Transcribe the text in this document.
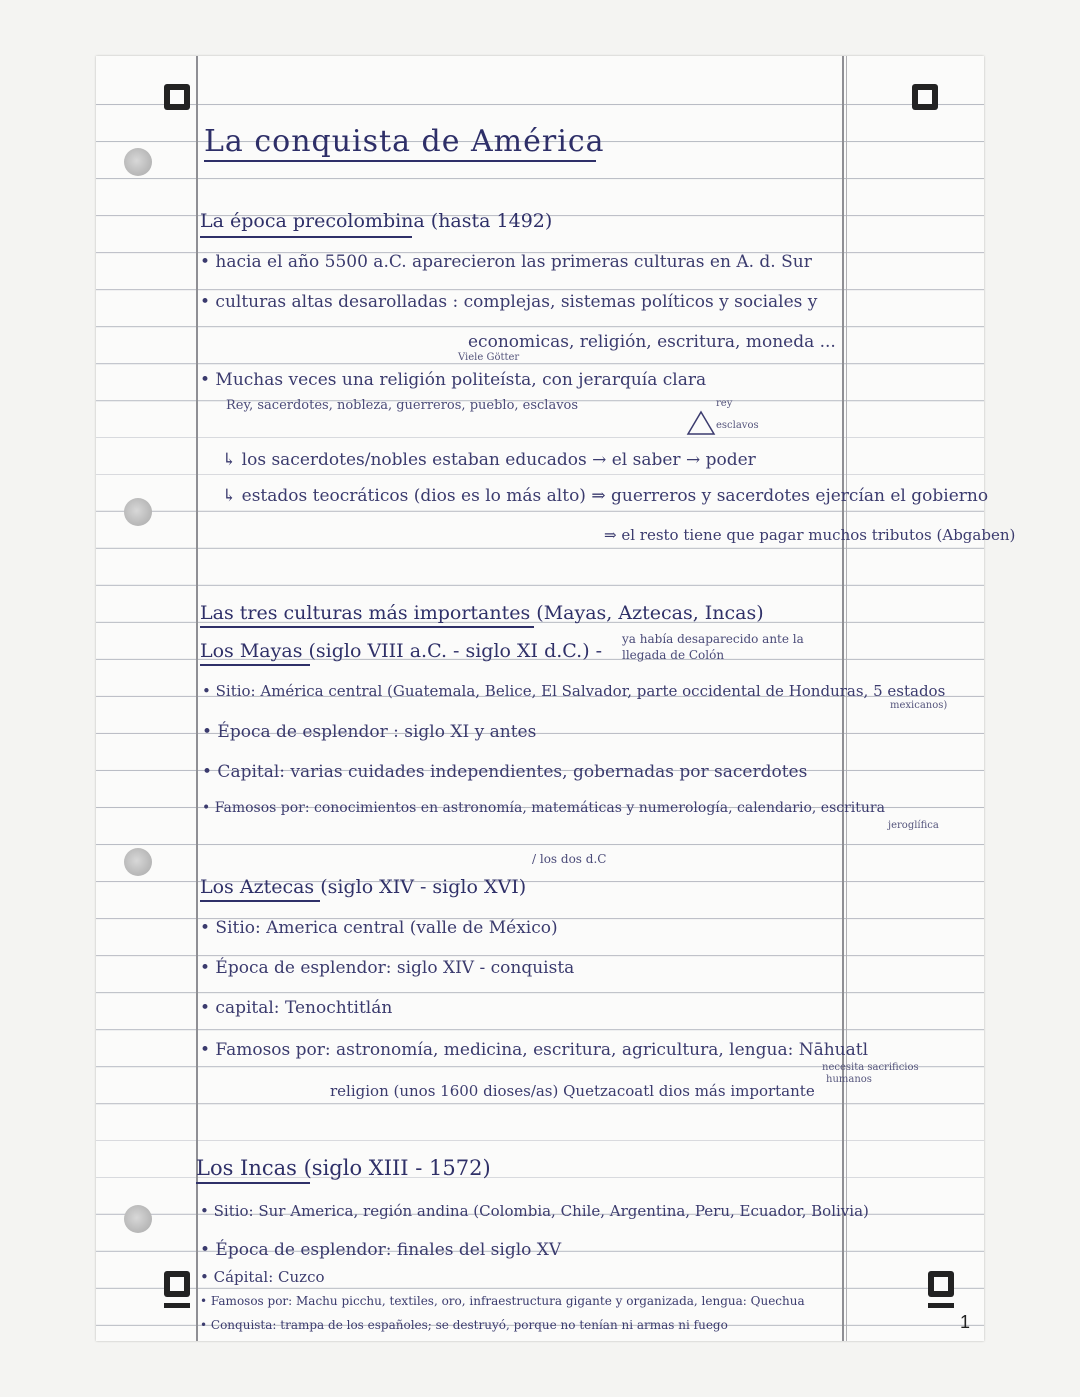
1
La conquista de América
La época precolombina (hasta 1492)
• hacia el año 5500 a.C. aparecieron las primeras culturas en A. d. Sur
• culturas altas desarolladas : complejas, sistemas políticos y sociales y
economicas, religión, escritura, moneda ...
Viele Götter
• Muchas veces una religión politeísta, con jerarquía clara
Rey, sacerdotes, nobleza, guerreros, pueblo, esclavos	rey
esclavos
↳ los sacerdotes/nobles estaban educados → el saber → poder
↳ estados teocráticos (dios es lo más alto) ⇒ guerreros y sacerdotes ejercían el gobierno
⇒ el resto tiene que pagar muchos tributos (Abgaben)
Las tres culturas más importantes (Mayas, Aztecas, Incas)
Los Mayas (siglo VIII a.C. - siglo XI d.C.) -
ya había desaparecido ante la
llegada de Colón
• Sitio: América central (Guatemala, Belice, El Salvador, parte occidental de Honduras, 5 estados
mexicanos)
• Época de esplendor : siglo XI y antes
• Capital: varias cuidades independientes, gobernadas por sacerdotes
• Famosos por: conocimientos en astronomía, matemáticas y numerología, calendario, escritura
jeroglífica
/ los dos d.C
Los Aztecas (siglo XIV - siglo XVI)
• Sitio: America central (valle de México)
• Época de esplendor: siglo XIV - conquista
• capital: Tenochtitlán
• Famosos por: astronomía, medicina, escritura, agricultura, lengua: Nāhuatl
necesita sacrificios
humanos
religion (unos 1600 dioses/as) Quetzacoatl dios más importante
Los Incas (siglo XIII - 1572)
• Sitio: Sur America, región andina (Colombia, Chile, Argentina, Peru, Ecuador, Bolivia)
• Época de esplendor: finales del siglo XV
• Cápital: Cuzco
• Famosos por: Machu picchu, textiles, oro, infraestructura gigante y organizada, lengua: Quechua
• Conquista: trampa de los españoles; se destruyó, porque no tenían ni armas ni fuego
